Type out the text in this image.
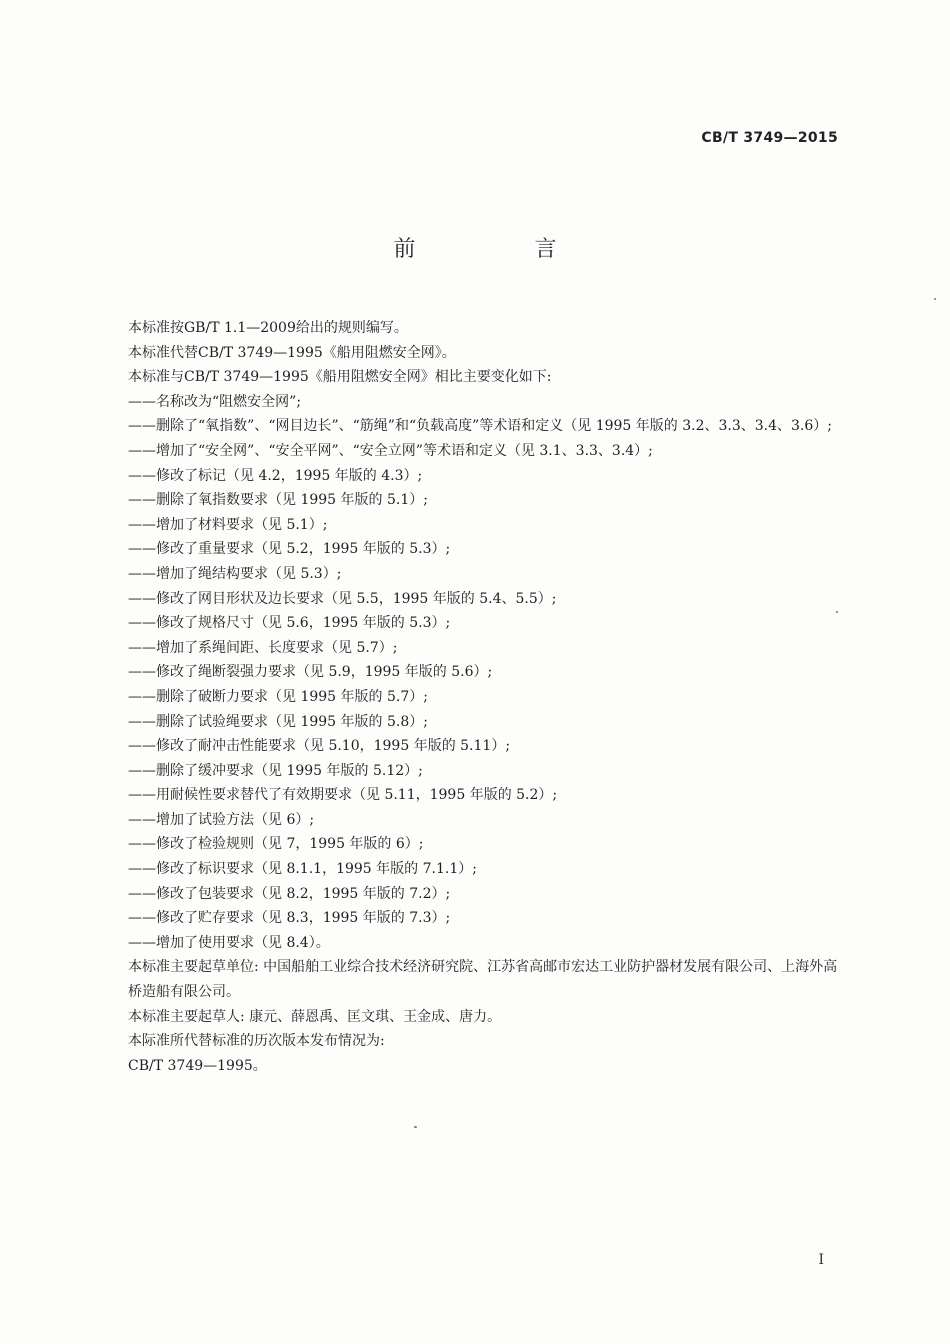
CB/T 3749—2015
前 言

本标准按GB/T 1.1—2009给出的规则编写。

本标准代替CB/T 3749—1995《船用阻燃安全网》。

本标准与CB/T 3749—1995《船用阻燃安全网》相比主要变化如下:

——名称改为“阻燃安全网”;

——删除了“氧指数”、“网目边长”、“筋绳”和“负载高度”等术语和定义（见 1995 年版的 3.2、3.3、3.4、3.6）;

——增加了“安全网”、“安全平网”、“安全立网”等术语和定义（见 3.1、3.3、3.4）;

——修改了标记（见 4.2，1995 年版的 4.3）;

——删除了氧指数要求（见 1995 年版的 5.1）;

——增加了材料要求（见 5.1）;

——修改了重量要求（见 5.2，1995 年版的 5.3）;

——增加了绳结构要求（见 5.3）;

——修改了网目形状及边长要求（见 5.5，1995 年版的 5.4、5.5）;

——修改了规格尺寸（见 5.6，1995 年版的 5.3）;

——增加了系绳间距、长度要求（见 5.7）;

——修改了绳断裂强力要求（见 5.9，1995 年版的 5.6）;

——删除了破断力要求（见 1995 年版的 5.7）;

——删除了试验绳要求（见 1995 年版的 5.8）;

——修改了耐冲击性能要求（见 5.10，1995 年版的 5.11）;

——删除了缓冲要求（见 1995 年版的 5.12）;

——用耐候性要求替代了有效期要求（见 5.11，1995 年版的 5.2）;

——增加了试验方法（见 6）;

——修改了检验规则（见 7，1995 年版的 6）;

——修改了标识要求（见 8.1.1，1995 年版的 7.1.1）;

——修改了包装要求（见 8.2，1995 年版的 7.2）;

——修改了贮存要求（见 8.3，1995 年版的 7.3）;

——增加了使用要求（见 8.4）。

本标准主要起草单位: 中国船舶工业综合技术经济研究院、江苏省高邮市宏达工业防护器材发展有限公司、上海外高桥造船有限公司。

本标准主要起草人: 康元、薛恩禹、匡文琪、王金成、唐力。

本际准所代替标准的历次版本发布情况为:

CB/T 3749—1995。

I
